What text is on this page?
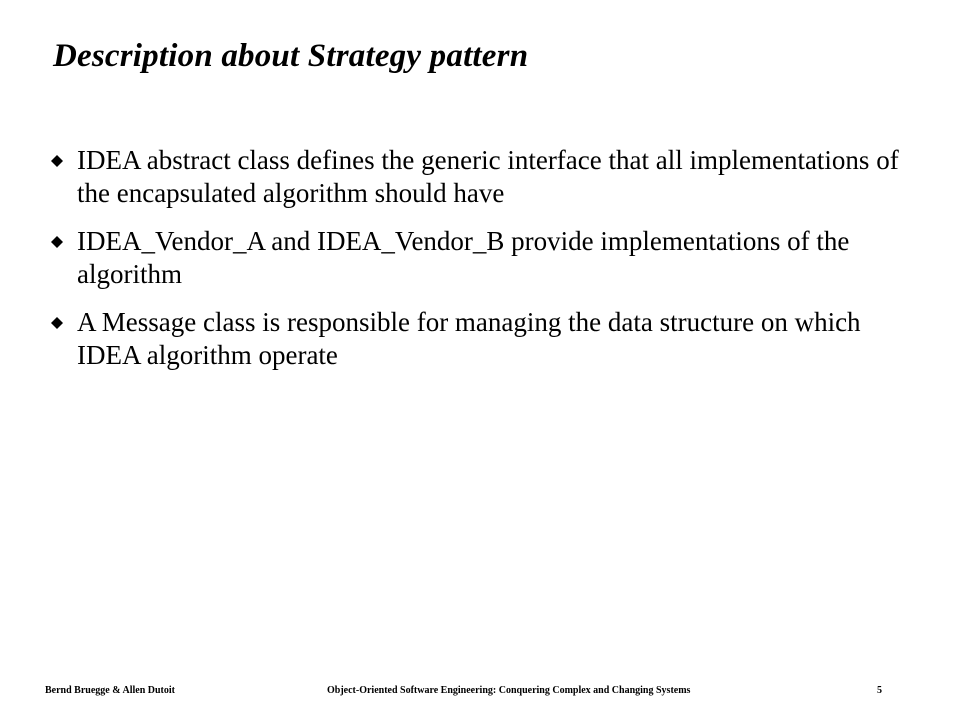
Description about Strategy pattern
IDEA abstract class defines the generic interface that all implementations of the encapsulated algorithm should have
IDEA_Vendor_A and IDEA_Vendor_B provide implementations of the algorithm
A Message class is responsible for managing the data structure on which IDEA algorithm operate
Bernd Bruegge & Allen Dutoit	Object-Oriented Software Engineering: Conquering Complex and Changing Systems	5
